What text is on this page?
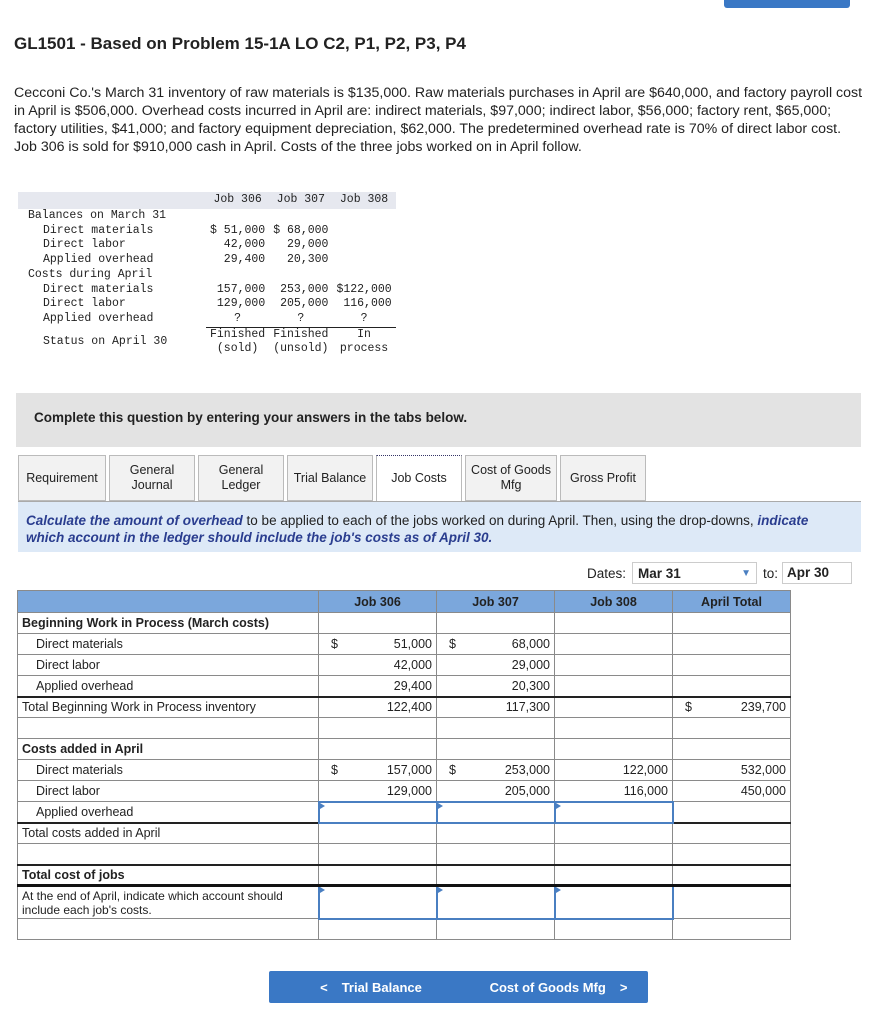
GL1501 - Based on Problem 15-1A LO C2, P1, P2, P3, P4

Cecconi Co.'s March 31 inventory of raw materials is $135,000. Raw materials purchases in April are $640,000, and factory payroll cost in April is $506,000. Overhead costs incurred in April are: indirect materials, $97,000; indirect labor, $56,000; factory rent, $65,000; factory utilities, $41,000; and factory equipment depreciation, $62,000. The predetermined overhead rate is 70% of direct labor cost. Job 306 is sold for $910,000 cash in April. Costs of the three jobs worked on in April follow.

	Job 306	Job 307	Job 308
Balances on March 31			
Direct materials	$ 51,000	$ 68,000	
Direct labor	42,000	29,000	
Applied overhead	29,400	20,300	
Costs during April			
Direct materials	157,000	253,000	$122,000
Direct labor	129,000	205,000	116,000
Applied overhead	?	?	?
Status on April 30	Finished	Finished	In
	(sold)	(unsold)	process
Complete this question by entering your answers in the tabs below.
Requirement
General Journal
General Ledger
Trial Balance	Job Costs
Cost of Goods Mfg
Gross Profit
Calculate the amount of overhead to be applied to each of the jobs worked on during April. Then, using the drop-downs, indicate
which account in the ledger should include the job's costs as of April 30.
Dates: Mar 31	▼ to: Apr 30
	Job 306	Job 307	Job 308	April Total
Beginning Work in Process (March costs)				
Direct materials	$ 51,000	$ 68,000		
Direct labor	42,000	29,000		
Applied overhead	29,400	20,300		
Total Beginning Work in Process inventory	122,400	117,300		$ 239,700

Costs added in April				
Direct materials	$ 157,000	$ 253,000	122,000	532,000
Direct labor	129,000	205,000	116,000	450,000
Applied overhead				
Total costs added in April				

Total cost of jobs				
At the end of April, indicate which account should include each job's costs.				

< Trial Balance	Cost of Goods Mfg >
